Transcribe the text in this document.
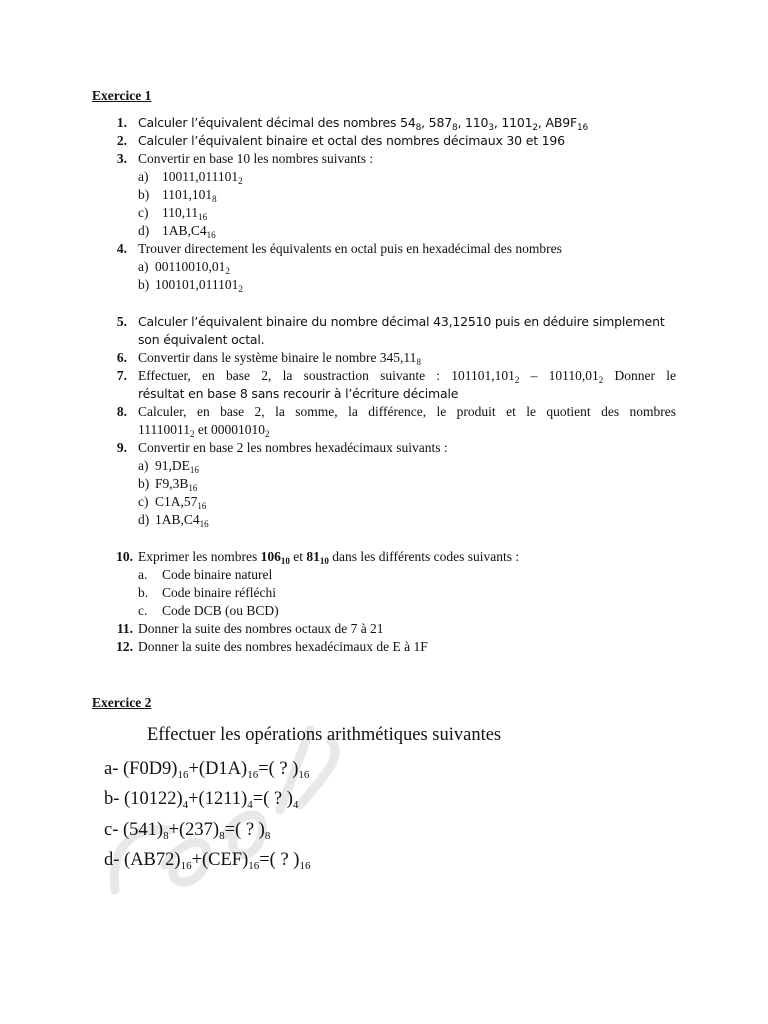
Exercice 1
1. Calculer l’équivalent décimal des nombres $54_8$, $587_8$, $110_3$, $1101_2$, $AB9F_{16}$
2. Calculer l’équivalent binaire et octal des nombres décimaux 30 et 196
3. Convertir en base 10 les nombres suivants :
a) $10011,011101_2$
b) $1101,101_8$
c) $110,11_{16}$
d) $1AB,C4_{16}$
4. Trouver directement les équivalents en octal puis en hexadécimal des nombres
a) $00110010,01_2$
b) $100101,011101_2$
5. Calculer l’équivalent binaire du nombre décimal 43,12510 puis en déduire simplement
son équivalent octal.
6. Convertir dans le système binaire le nombre $345,11_8$
7. Effectuer, en base 2, la soustraction suivante : $101101,101_2 - 10110,01_2$ Donner le
résultat en base 8 sans recourir à l’écriture décimale
8. Calculer, en base 2, la somme, la différence, le produit et le quotient des nombres
$11110011_2$ et $00001010_2$
9. Convertir en base 2 les nombres hexadécimaux suivants :
a) $91,DE_{16}$
b) $F9,3B_{16}$
c) $C1A,57_{16}$
d) $1AB,C4_{16}$
10. Exprimer les nombres $106_{10}$ et $81_{10}$ dans les différents codes suivants :
a. Code binaire naturel
b. Code binaire réfléchi
c. Code DCB (ou BCD)
11. Donner la suite des nombres octaux de 7 à 21
12. Donner la suite des nombres hexadécimaux de E à 1F
Exercice 2
Effectuer les opérations arithmétiques suivantes
a- $(F0D9)_{16}+(D1A)_{16}=$( ? )$_{16}$
b- $(10122)_4+(1211)_4=$( ? )$_4$
c- $(541)_8+(237)_8=$( ? )$_8$
d- $(AB72)_{16}+(CEF)_{16}=$( ? )$_{16}$
